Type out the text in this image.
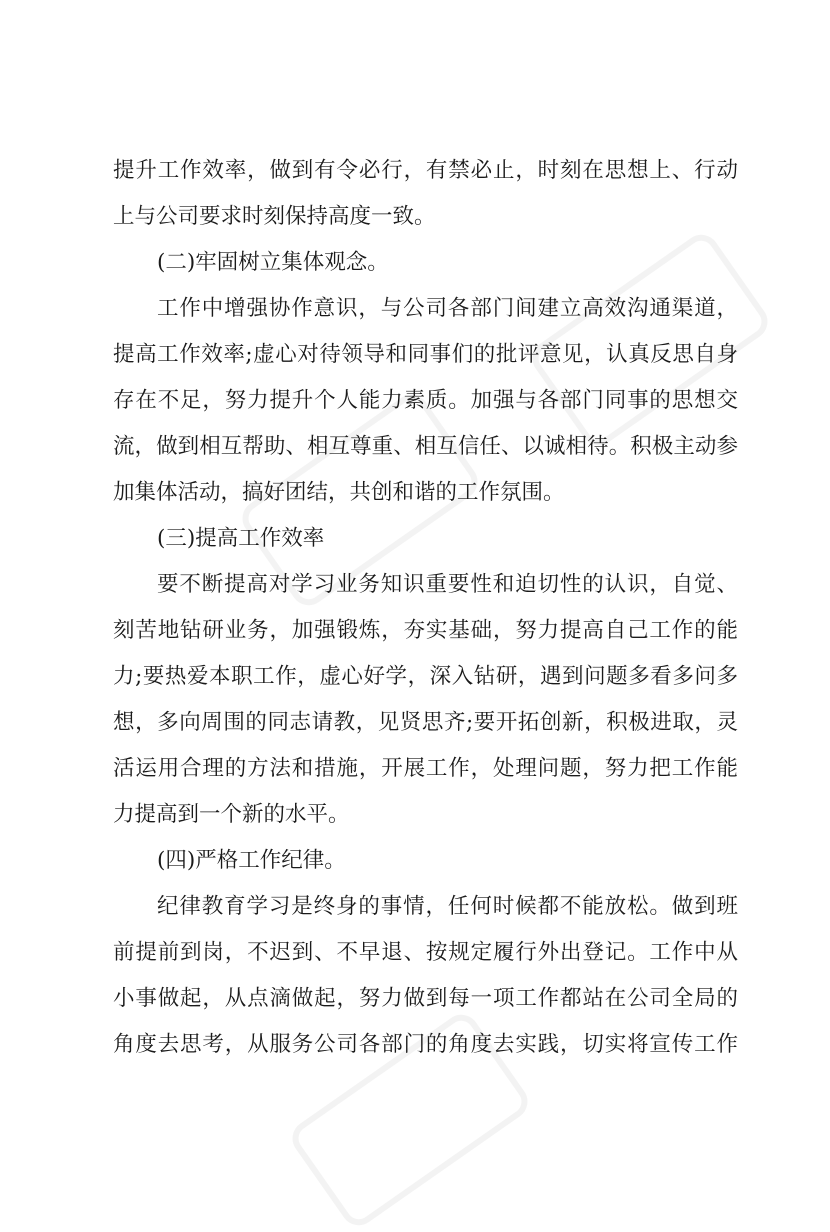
提升工作效率，做到有令必行，有禁必止，时刻在思想上、行动
上与公司要求时刻保持高度一致。
(二)牢固树立集体观念。
工作中增强协作意识，与公司各部门间建立高效沟通渠道，
提高工作效率;虚心对待领导和同事们的批评意见，认真反思自身
存在不足，努力提升个人能力素质。加强与各部门同事的思想交
流，做到相互帮助、相互尊重、相互信任、以诚相待。积极主动参
加集体活动，搞好团结，共创和谐的工作氛围。
(三)提高工作效率
要不断提高对学习业务知识重要性和迫切性的认识，自觉、
刻苦地钻研业务，加强锻炼，夯实基础，努力提高自己工作的能
力;要热爱本职工作，虚心好学，深入钻研，遇到问题多看多问多
想，多向周围的同志请教，见贤思齐;要开拓创新，积极进取，灵
活运用合理的方法和措施，开展工作，处理问题，努力把工作能
力提高到一个新的水平。
(四)严格工作纪律。
纪律教育学习是终身的事情，任何时候都不能放松。做到班
前提前到岗，不迟到、不早退、按规定履行外出登记。工作中从
小事做起，从点滴做起，努力做到每一项工作都站在公司全局的
角度去思考，从服务公司各部门的角度去实践，切实将宣传工作
